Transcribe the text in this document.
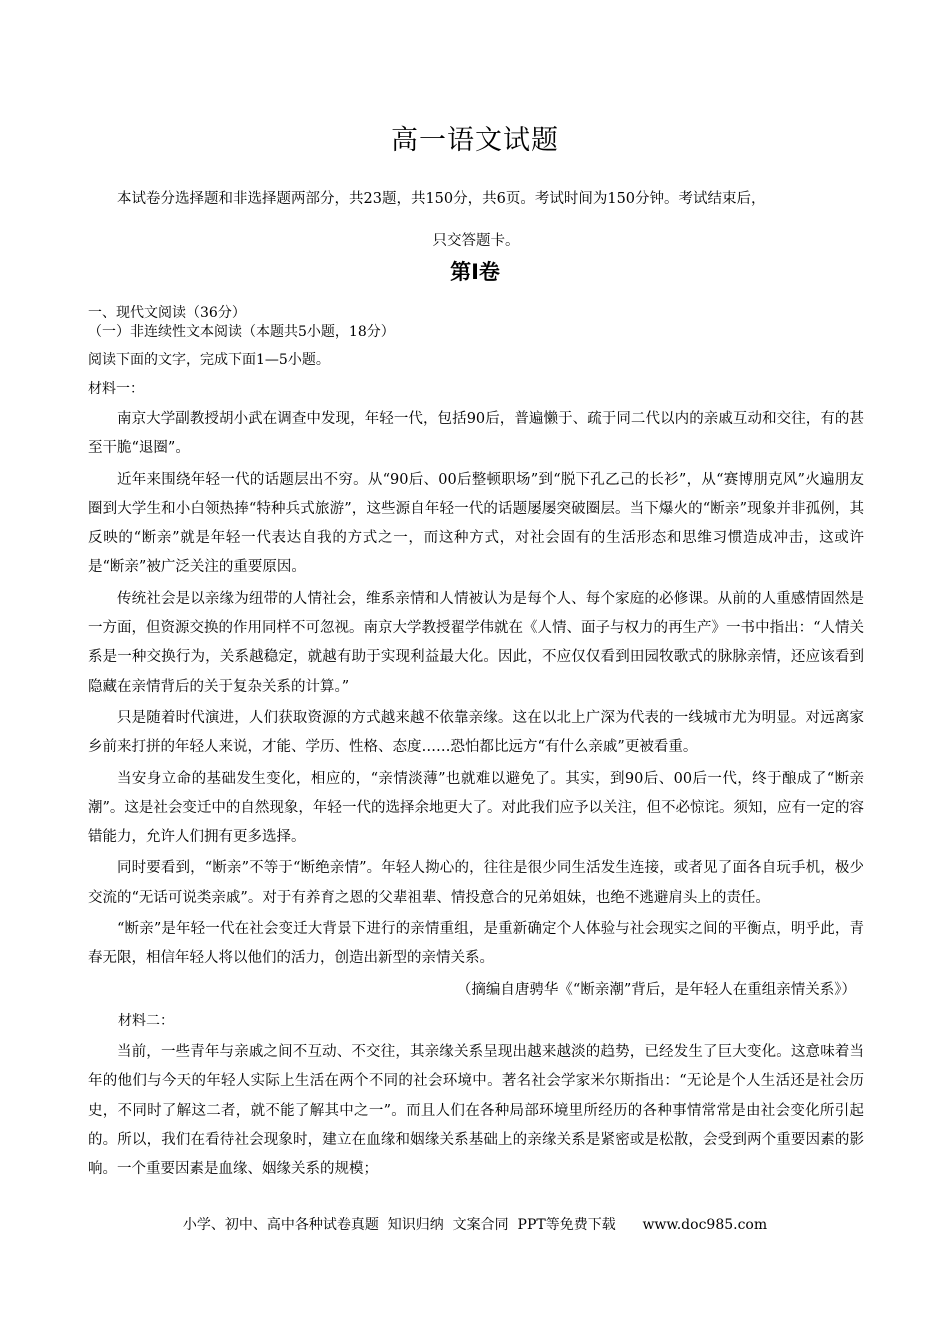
高一语文试题
本试卷分选择题和非选择题两部分，共23题，共150分，共6页。考试时间为150分钟。考试结束后，
只交答题卡。
第Ⅰ卷
一、现代文阅读（36分）
（一）非连续性文本阅读（本题共5小题，18分）
阅读下面的文字，完成下面1—5小题。
材料一：

南京大学副教授胡小武在调查中发现，年轻一代，包括90后，普遍懒于、疏于同二代以内的亲戚互动和交往，有的甚至干脆“退圈”。

近年来围绕年轻一代的话题层出不穷。从“90后、00后整顿职场”到“脱下孔乙己的长衫”，从“赛博朋克风”火遍朋友圈到大学生和小白领热捧“特种兵式旅游”，这些源自年轻一代的话题屡屡突破圈层。当下爆火的“断亲”现象并非孤例，其反映的“断亲”就是年轻一代表达自我的方式之一，而这种方式，对社会固有的生活形态和思维习惯造成冲击，这或许是“断亲”被广泛关注的重要原因。

传统社会是以亲缘为纽带的人情社会，维系亲情和人情被认为是每个人、每个家庭的必修课。从前的人重感情固然是一方面，但资源交换的作用同样不可忽视。南京大学教授翟学伟就在《人情、面子与权力的再生产》一书中指出：“人情关系是一种交换行为，关系越稳定，就越有助于实现利益最大化。因此，不应仅仅看到田园牧歌式的脉脉亲情，还应该看到隐藏在亲情背后的关于复杂关系的计算。”

只是随着时代演进，人们获取资源的方式越来越不依靠亲缘。这在以北上广深为代表的一线城市尤为明显。对远离家乡前来打拼的年轻人来说，才能、学历、性格、态度……恐怕都比远方“有什么亲戚”更被看重。

当安身立命的基础发生变化，相应的，“亲情淡薄”也就难以避免了。其实，到90后、00后一代，终于酿成了“断亲潮”。这是社会变迁中的自然现象，年轻一代的选择余地更大了。对此我们应予以关注，但不必惊诧。须知，应有一定的容错能力，允许人们拥有更多选择。

同时要看到，“断亲”不等于“断绝亲情”。年轻人拗心的，往往是很少同生活发生连接，或者见了面各自玩手机，极少交流的“无话可说类亲戚”。对于有养育之恩的父辈祖辈、情投意合的兄弟姐妹，也绝不逃避肩头上的责任。

“断亲”是年轻一代在社会变迁大背景下进行的亲情重组，是重新确定个人体验与社会现实之间的平衡点，明乎此，青春无限，相信年轻人将以他们的活力，创造出新型的亲情关系。

（摘编自唐骋华《“断亲潮”背后，是年轻人在重组亲情关系》）
材料二：

当前，一些青年与亲戚之间不互动、不交往，其亲缘关系呈现出越来越淡的趋势，已经发生了巨大变化。这意味着当年的他们与今天的年轻人实际上生活在两个不同的社会环境中。著名社会学家米尔斯指出：“无论是个人生活还是社会历史，不同时了解这二者，就不能了解其中之一”。而且人们在各种局部环境里所经历的各种事情常常是由社会变化所引起的。所以，我们在看待社会现象时，建立在血缘和姻缘关系基础上的亲缘关系是紧密或是松散，会受到两个重要因素的影响。一个重要因素是血缘、姻缘关系的规模；

小学、初中、高中各种试卷真题  知识归纳  文案合同  PPT等免费下载      www.doc985.com
